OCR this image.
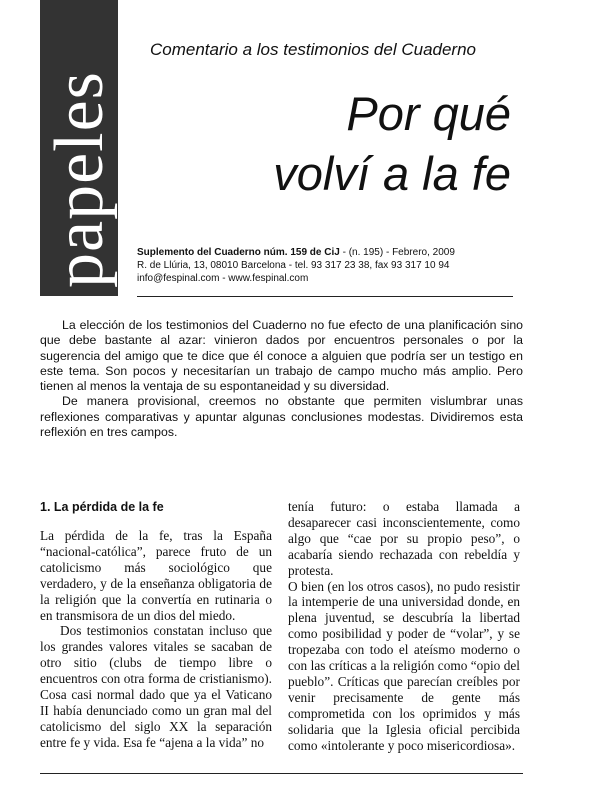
papeles CRISTIANISME I JUSTÍCIA
Comentario a los testimonios del Cuaderno
Por qué
volví a la fe
Suplemento del Cuaderno núm. 159 de CiJ - (n. 195) - Febrero, 2009
R. de Llúria, 13, 08010 Barcelona - tel. 93 317 23 38, fax 93 317 10 94
info@fespinal.com - www.fespinal.com

La elección de los testimonios del Cuaderno no fue efecto de una planificación sino que debe bastante al azar: vinieron dados por encuentros personales o por la sugerencia del amigo que te dice que él conoce a alguien que podría ser un testigo en este tema. Son pocos y necesitarían un trabajo de campo mucho más amplio. Pero tienen al menos la ventaja de su espontaneidad y su diversidad.

De manera provisional, creemos no obstante que permiten vislumbrar unas reflexiones comparativas y apuntar algunas conclusiones modestas. Dividiremos esta reflexión en tres campos.

1. La pérdida de la fe

La pérdida de la fe, tras la España “nacional-católica”, parece fruto de un catolicismo más sociológico que verdadero, y de la enseñanza obligatoria de la religión que la convertía en rutinaria o en transmisora de un dios del miedo.

Dos testimonios constatan incluso que los grandes valores vitales se sacaban de otro sitio (clubs de tiempo libre o encuentros con otra forma de cristianismo). Cosa casi normal dado que ya el Vaticano II había denunciado como un gran mal del catolicismo del siglo XX la separación entre fe y vida. Esa fe “ajena a la vida” no

tenía futuro: o estaba llamada a desaparecer casi inconscientemente, como algo que “cae por su propio peso”, o acabaría siendo rechazada con rebeldía y protesta.

O bien (en los otros casos), no pudo resistir la intemperie de una universidad donde, en plena juventud, se descubría la libertad como posibilidad y poder de “volar”, y se tropezaba con todo el ateísmo moderno o con las críticas a la religión como “opio del pueblo”. Críticas que parecían creíbles por venir precisamente de gente más comprometida con los oprimidos y más solidaria que la Iglesia oficial percibida como «intolerante y poco misericordiosa».
